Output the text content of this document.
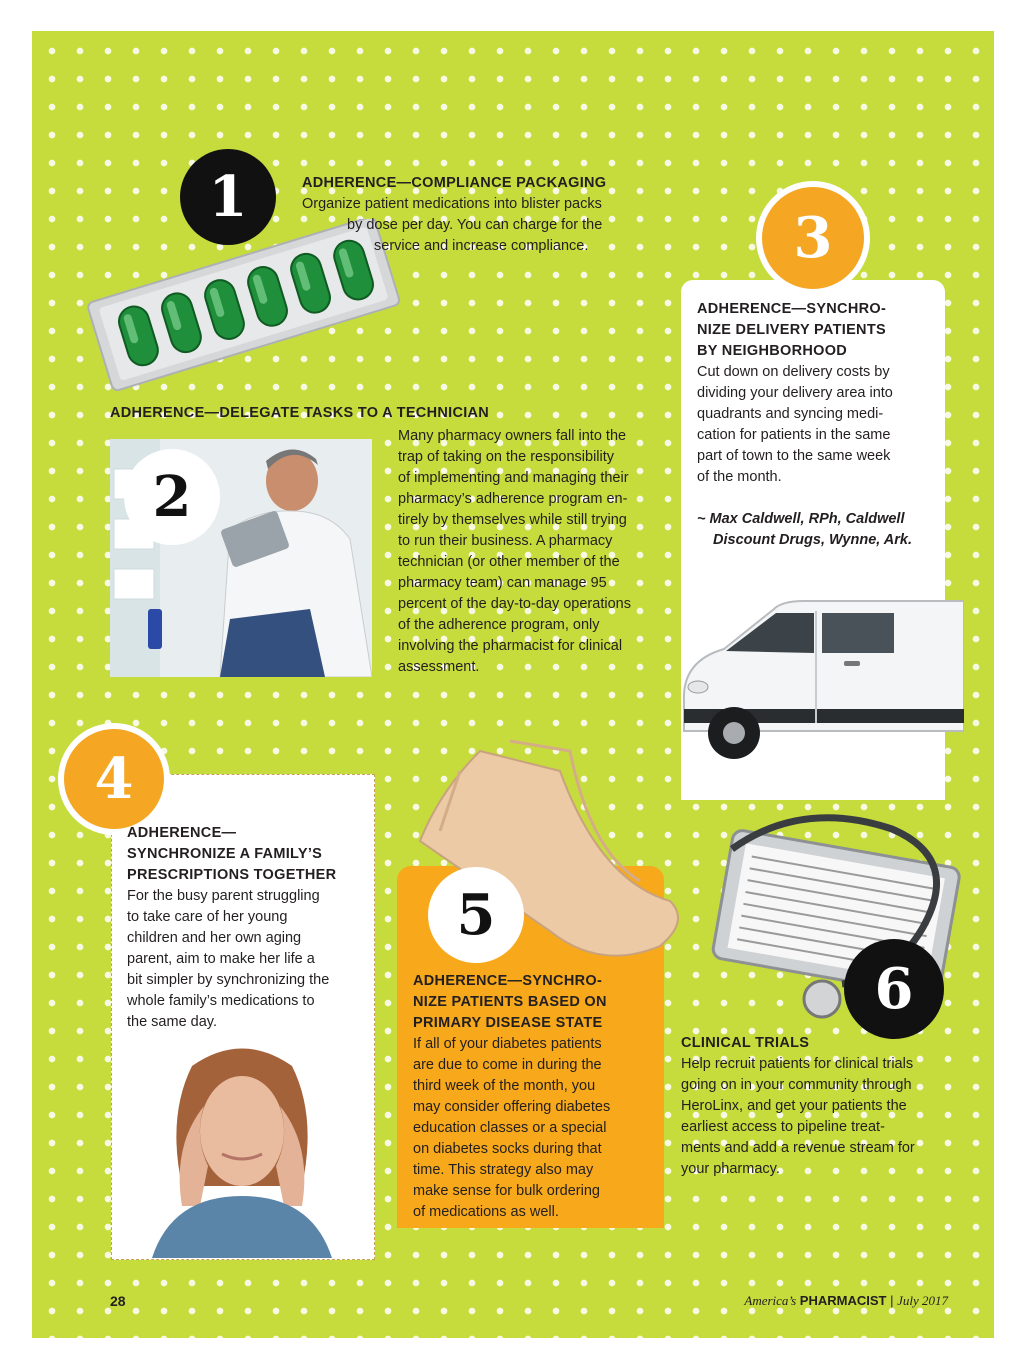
1	ADHERENCE—COMPLIANCE PACKAGING
Organize patient medications into blister packs
by dose per day. You can charge for the
service and increase compliance.	3
ADHERENCE—SYNCHRO-
NIZE DELIVERY PATIENTS
BY NEIGHBORHOOD
Cut down on delivery costs by
dividing your delivery area into
quadrants and syncing medi-
cation for patients in the same
part of town to the same week
of the month.
~ Max Caldwell, RPh, Caldwell
Discount Drugs, Wynne, Ark.
ADHERENCE—DELEGATE TASKS TO A TECHNICIAN
2
Many pharmacy owners fall into the
trap of taking on the responsibility
of implementing and managing their
pharmacy’s adherence program en-
tirely by themselves while still trying
to run their business. A pharmacy
technician (or other member of the
pharmacy team) can manage 95
percent of the day-to-day operations
of the adherence program, only
involving the pharmacist for clinical
assessment.
4
ADHERENCE—
SYNCHRONIZE A FAMILY’S
PRESCRIPTIONS TOGETHER
For the busy parent struggling
to take care of her young
children and her own aging
parent, aim to make her life a
bit simpler by synchronizing the
whole family’s medications to
the same day.
5
ADHERENCE—SYNCHRO-
NIZE PATIENTS BASED ON
PRIMARY DISEASE STATE
If all of your diabetes patients
are due to come in during the
third week of the month, you
may consider offering diabetes
education classes or a special
on diabetes socks during that
time. This strategy also may
make sense for bulk ordering
of medications as well.
6
CLINICAL TRIALS
Help recruit patients for clinical trials
going on in your community through
HeroLinx, and get your patients the
earliest access to pipeline treat-
ments and add a revenue stream for
your pharmacy.
28	America’s PHARMACIST | July 2017
